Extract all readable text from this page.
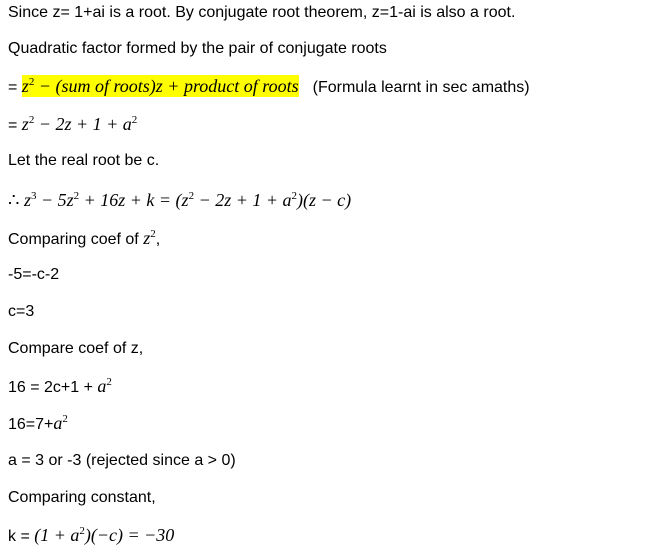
Since z= 1+ai is a root. By conjugate root theorem, z=1-ai is also a root.
Quadratic factor formed by the pair of conjugate roots
= $z^2 - (sum$ of roots)z + product of roots (Formula learnt in sec amaths)
= $z^2 - 2z + 1 + a^2$
Let the real root be c.
∴ $z^3 - 5z^2 + 16z + k = (z^2 - 2z + 1 + a^2)(z - c)$
Comparing coef of $z^2$,
-5=-c-2
c=3
Compare coef of z,
$16 = 2c+1 + a^2$
$16=7+a^2$
a = 3 or -3 (rejected since a > 0)
Comparing constant,
$k = (1 + a^2)(-c) = -30$
